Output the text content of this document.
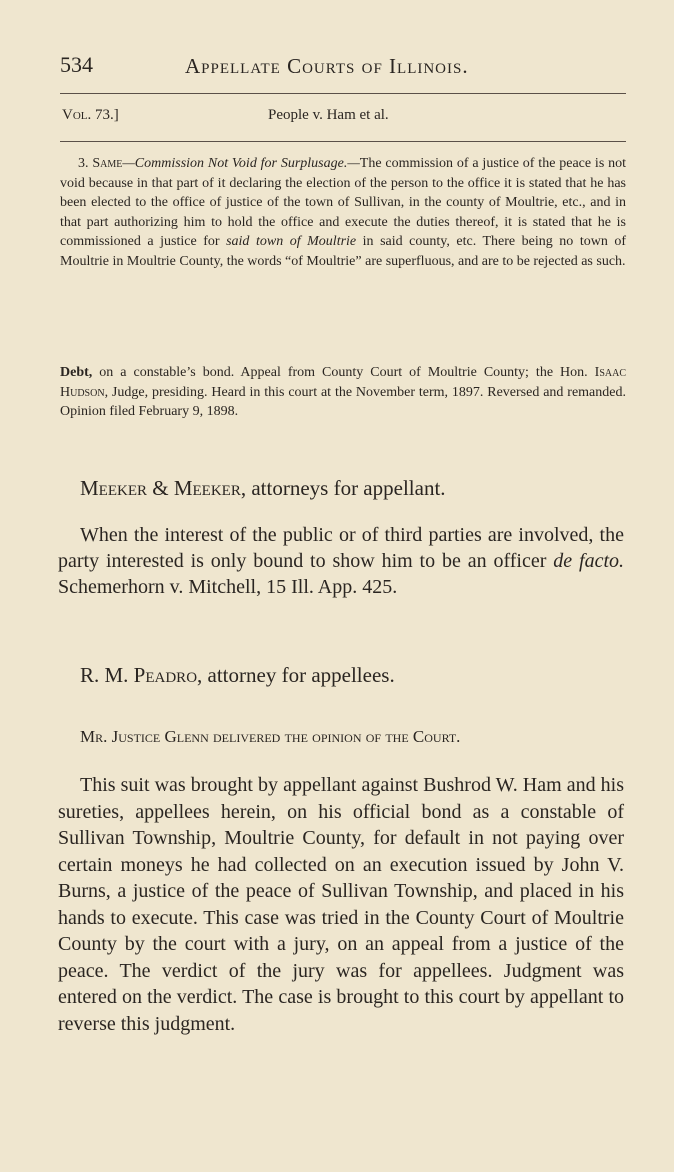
534	Appellate Courts of Illinois.
Vol. 73.]	People v. Ham et al.

3. Same—Commission Not Void for Surplusage.—The commission of a justice of the peace is not void because in that part of it declaring the election of the person to the office it is stated that he has been elected to the office of justice of the town of Sullivan, in the county of Moultrie, etc., and in that part authorizing him to hold the office and execute the duties thereof, it is stated that he is commissioned a justice for said town of Moultrie in said county, etc. There being no town of Moultrie in Moultrie County, the words “of Moultrie” are superfluous, and are to be rejected as such.

Debt, on a constable’s bond. Appeal from County Court of Moultrie County; the Hon. Isaac Hudson, Judge, presiding. Heard in this court at the November term, 1897. Reversed and remanded. Opinion filed February 9, 1898.

Meeker & Meeker, attorneys for appellant.

When the interest of the public or of third parties are involved, the party interested is only bound to show him to be an officer de facto. Schemerhorn v. Mitchell, 15 Ill. App. 425.

R. M. Peadro, attorney for appellees.

Mr. Justice Glenn delivered the opinion of the Court.

This suit was brought by appellant against Bushrod W. Ham and his sureties, appellees herein, on his official bond as a constable of Sullivan Township, Moultrie County, for default in not paying over certain moneys he had collected on an execution issued by John V. Burns, a justice of the peace of Sullivan Township, and placed in his hands to execute. This case was tried in the County Court of Moultrie County by the court with a jury, on an appeal from a justice of the peace. The verdict of the jury was for appellees. Judgment was entered on the verdict. The case is brought to this court by appellant to reverse this judgment.
